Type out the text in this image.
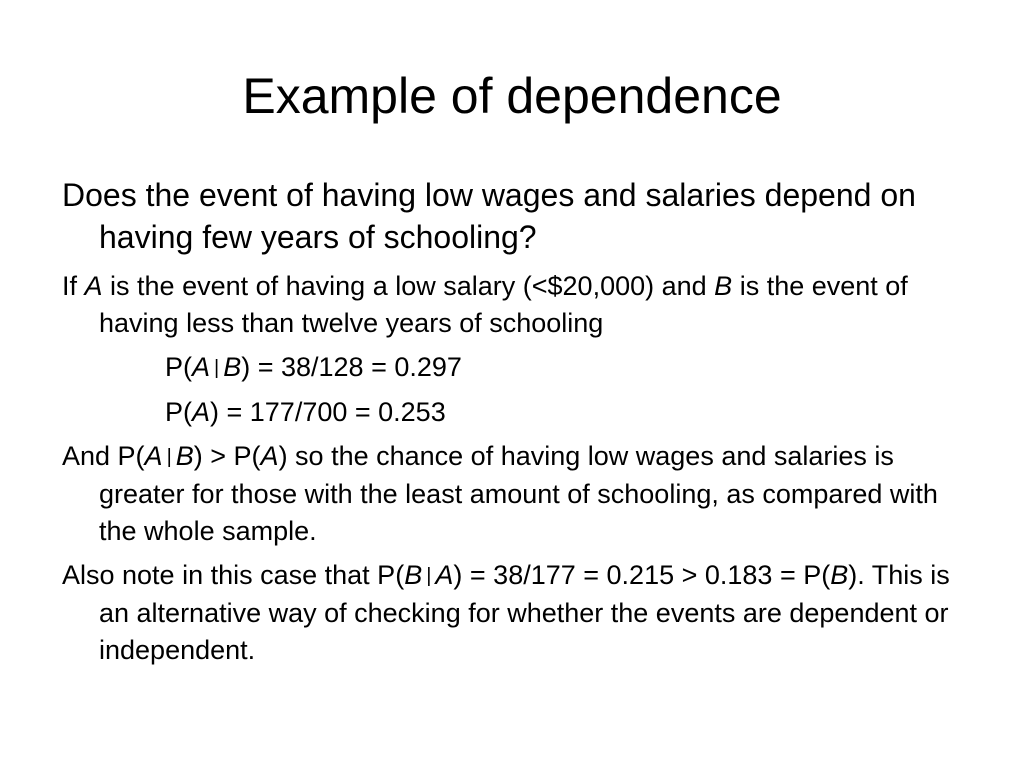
Example of dependence

Does the event of having low wages and salaries depend on having few years of schooling?

If A is the event of having a low salary (<$20,000) and B is the event of having less than twelve years of schooling

P(A | B) = 38/128 = 0.297
P(A) = 177/700 = 0.253

And P(A | B) > P(A) so the chance of having low wages and salaries is greater for those with the least amount of schooling, as compared with the whole sample.

Also note in this case that P(B | A) = 38/177 = 0.215 > 0.183 = P(B). This is an alternative way of checking for whether the events are dependent or independent.
